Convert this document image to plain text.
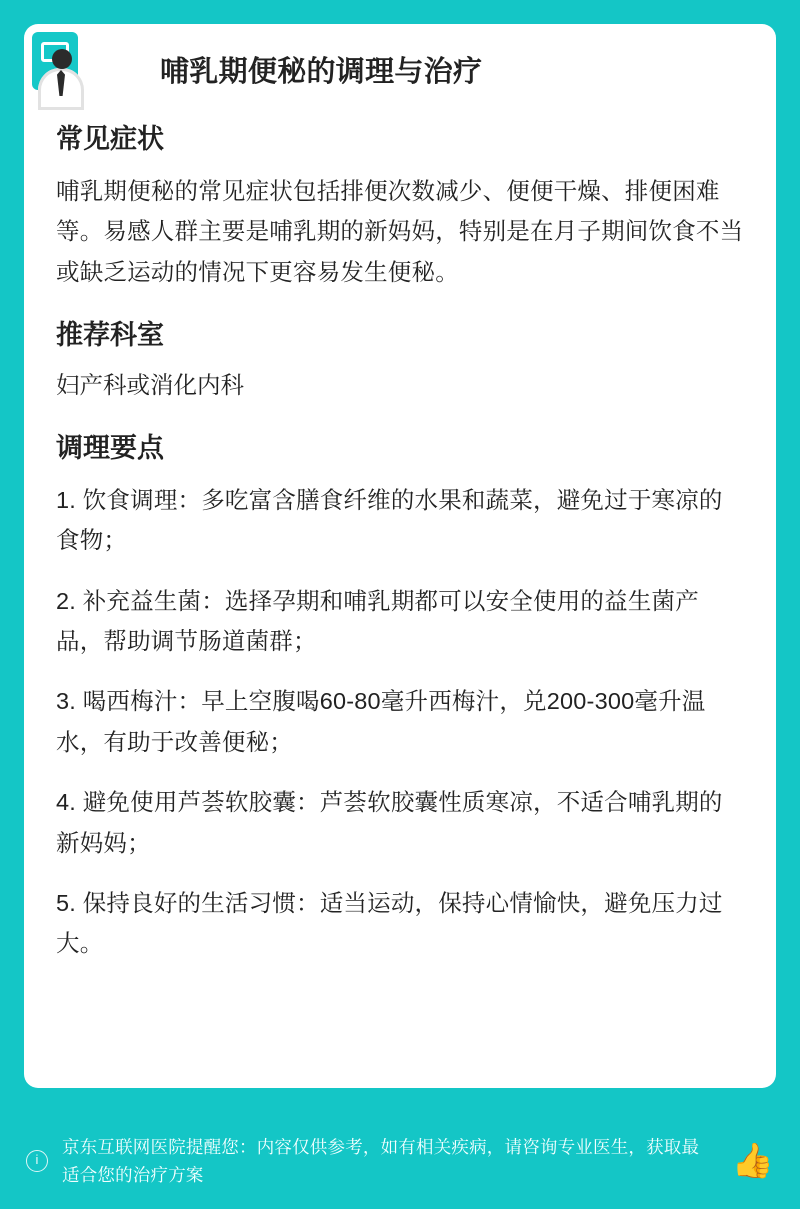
哺乳期便秘的调理与治疗
常见症状

哺乳期便秘的常见症状包括排便次数减少、便便干燥、排便困难等。易感人群主要是哺乳期的新妈妈，特别是在月子期间饮食不当或缺乏运动的情况下更容易发生便秘。

推荐科室

妇产科或消化内科

调理要点

1. 饮食调理：多吃富含膳食纤维的水果和蔬菜，避免过于寒凉的食物；

2. 补充益生菌：选择孕期和哺乳期都可以安全使用的益生菌产品，帮助调节肠道菌群；

3. 喝西梅汁：早上空腹喝60-80毫升西梅汁，兑200-300毫升温水，有助于改善便秘；

4. 避免使用芦荟软胶囊：芦荟软胶囊性质寒凉，不适合哺乳期的新妈妈；

5. 保持良好的生活习惯：适当运动，保持心情愉快，避免压力过大。

i
京东互联网医院提醒您：内容仅供参考，如有相关疾病，请咨询专业医生，获取最适合您的治疗方案	👍
